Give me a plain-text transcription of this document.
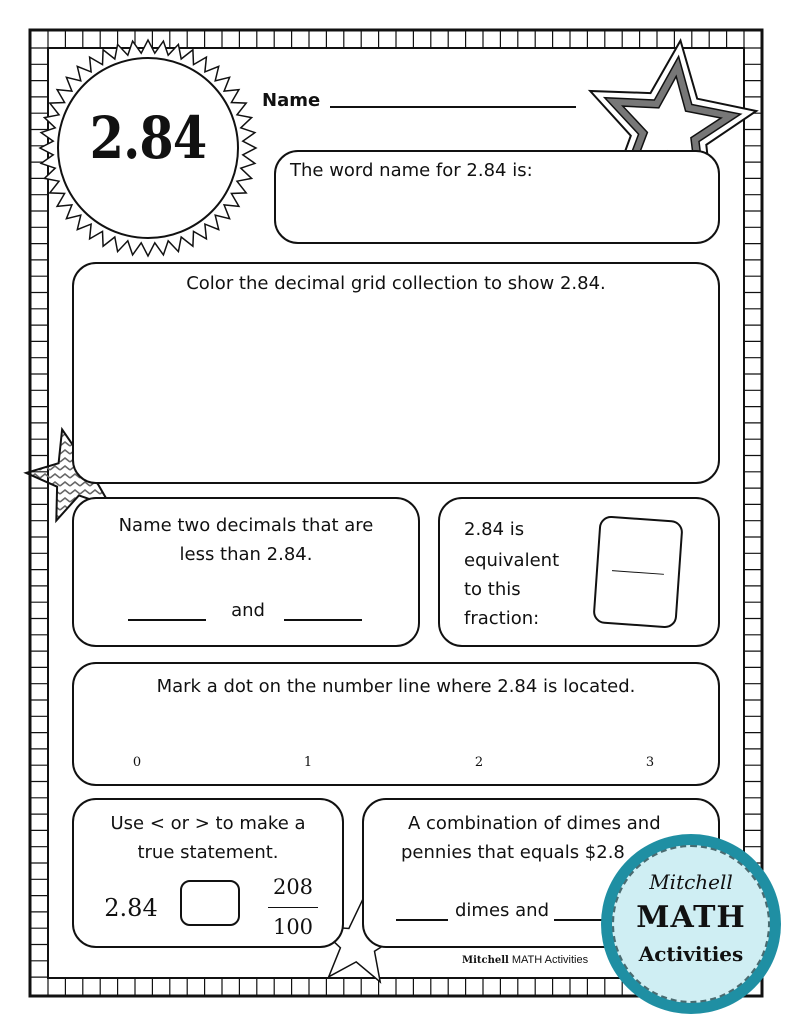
2.84
Name
The word name for 2.84 is:
Color the decimal grid collection to show 2.84.
Name two decimals that are
less than 2.84.
and
2.84 is
equivalent
to this
fraction:
Mark a dot on the number line where 2.84 is located.
0	1	2	3
Use < or > to make a
true statement.
2.84
208
100
A combination of dimes and
pennies that equals $2.8
dimes and
Mitchell MATH Activities
Mitchell
MATH
Activities
